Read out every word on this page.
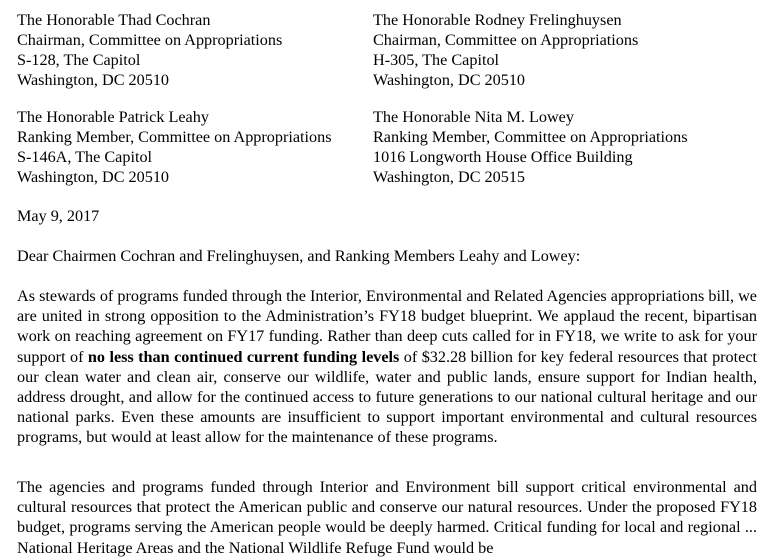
The Honorable Thad Cochran
Chairman, Committee on Appropriations
S-128, The Capitol
Washington, DC 20510
The Honorable Rodney Frelinghuysen
Chairman, Committee on Appropriations
H-305, The Capitol
Washington, DC 20510
The Honorable Patrick Leahy
Ranking Member, Committee on Appropriations
S-146A, The Capitol
Washington, DC 20510
The Honorable Nita M. Lowey
Ranking Member, Committee on Appropriations
1016 Longworth House Office Building
Washington, DC 20515
May 9, 2017
Dear Chairmen Cochran and Frelinghuysen, and Ranking Members Leahy and Lowey:
As stewards of programs funded through the Interior, Environmental and Related Agencies appropriations bill, we are united in strong opposition to the Administration’s FY18 budget blueprint. We applaud the recent, bipartisan work on reaching agreement on FY17 funding. Rather than deep cuts called for in FY18, we write to ask for your support of no less than continued current funding levels of $32.28 billion for key federal resources that protect our clean water and clean air, conserve our wildlife, water and public lands, ensure support for Indian health, address drought, and allow for the continued access to future generations to our national cultural heritage and our national parks. Even these amounts are insufficient to support important environmental and cultural resources programs, but would at least allow for the maintenance of these programs.
The agencies and programs funded through Interior and Environment bill support critical environmental and cultural resources that protect the American public and conserve our natural resources. Under the proposed FY18 budget, programs serving the American people would be deeply harmed. Critical funding for local and regional ... National Heritage Areas and the National Wildlife Refuge Fund would be
